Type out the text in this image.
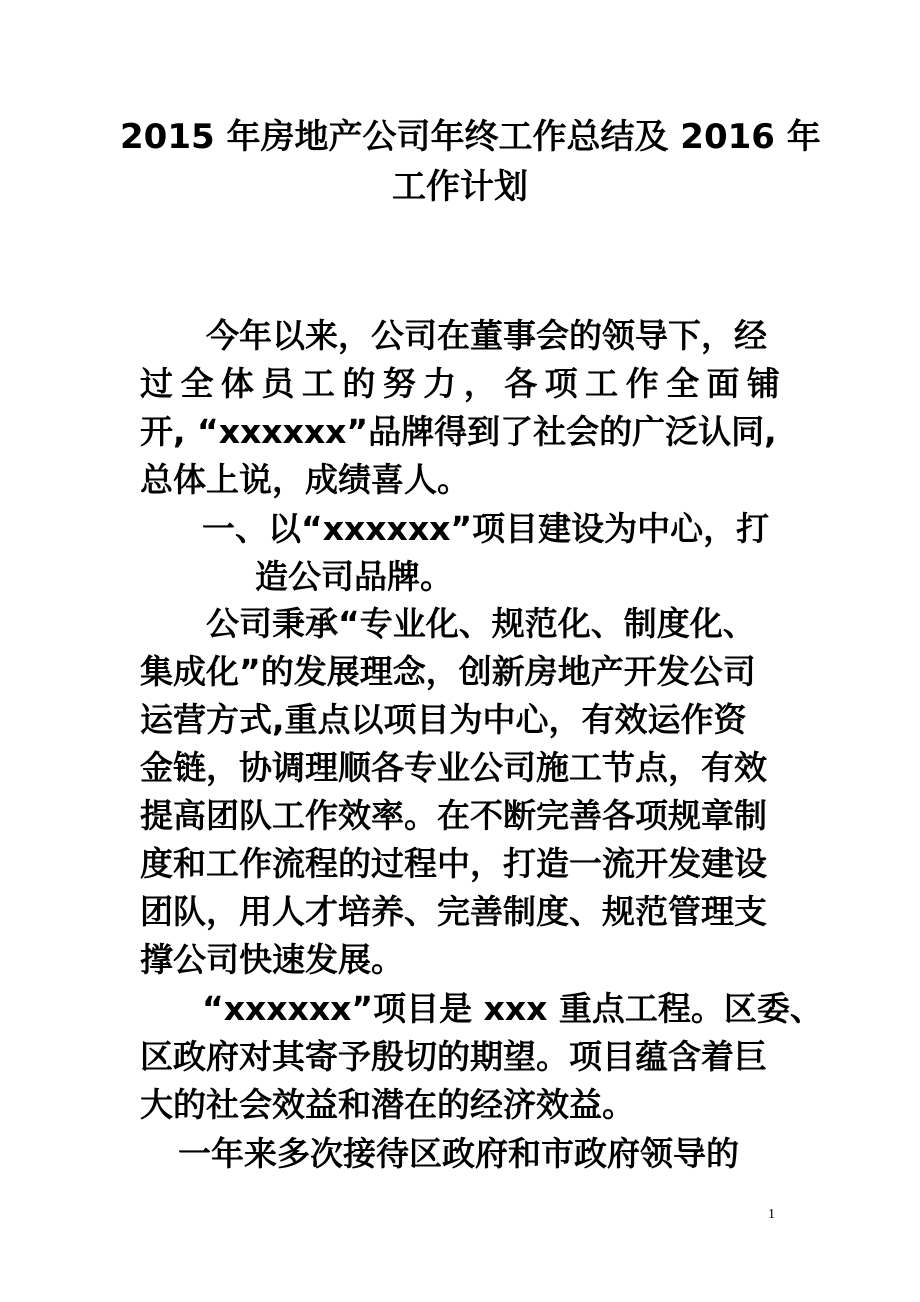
2015 年房地产公司年终工作总结及 2016 年
工作计划
今年以来，公司在董事会的领导下，经
过全体员工的努力，各项工作全面铺
开, “xxxxxx”品牌得到了社会的广泛认同,
总体上说，成绩喜人。
一、以“xxxxxx”项目建设为中心，打
造公司品牌。
公司秉承“专业化、规范化、制度化、
集成化”的发展理念，创新房地产开发公司
运营方式,重点以项目为中心，有效运作资
金链，协调理顺各专业公司施工节点，有效
提高团队工作效率。在不断完善各项规章制
度和工作流程的过程中，打造一流开发建设
团队，用人才培养、完善制度、规范管理支
撑公司快速发展。
“xxxxxx”项目是 xxx 重点工程。区委、
区政府对其寄予殷切的期望。项目蕴含着巨
大的社会效益和潜在的经济效益。
一年来多次接待区政府和市政府领导的
1
